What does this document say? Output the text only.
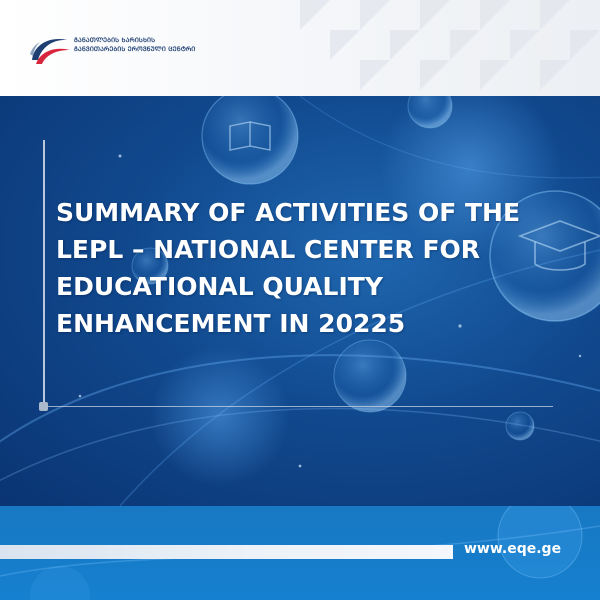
ᲒᲐᲜᲐᲗᲚᲔᲑᲘᲡ ᲮᲐᲠᲘᲡᲮᲘᲡ
ᲒᲐᲜᲕᲘᲗᲐᲠᲔᲑᲘᲡ ᲔᲠᲝᲕᲜᲣᲚᲘ ᲪᲔᲜᲢᲠᲘ
SUMMARY OF ACTIVITIES OF THE
LEPL – NATIONAL CENTER FOR
EDUCATIONAL QUALITY
ENHANCEMENT IN 20225
www.eqe.ge
